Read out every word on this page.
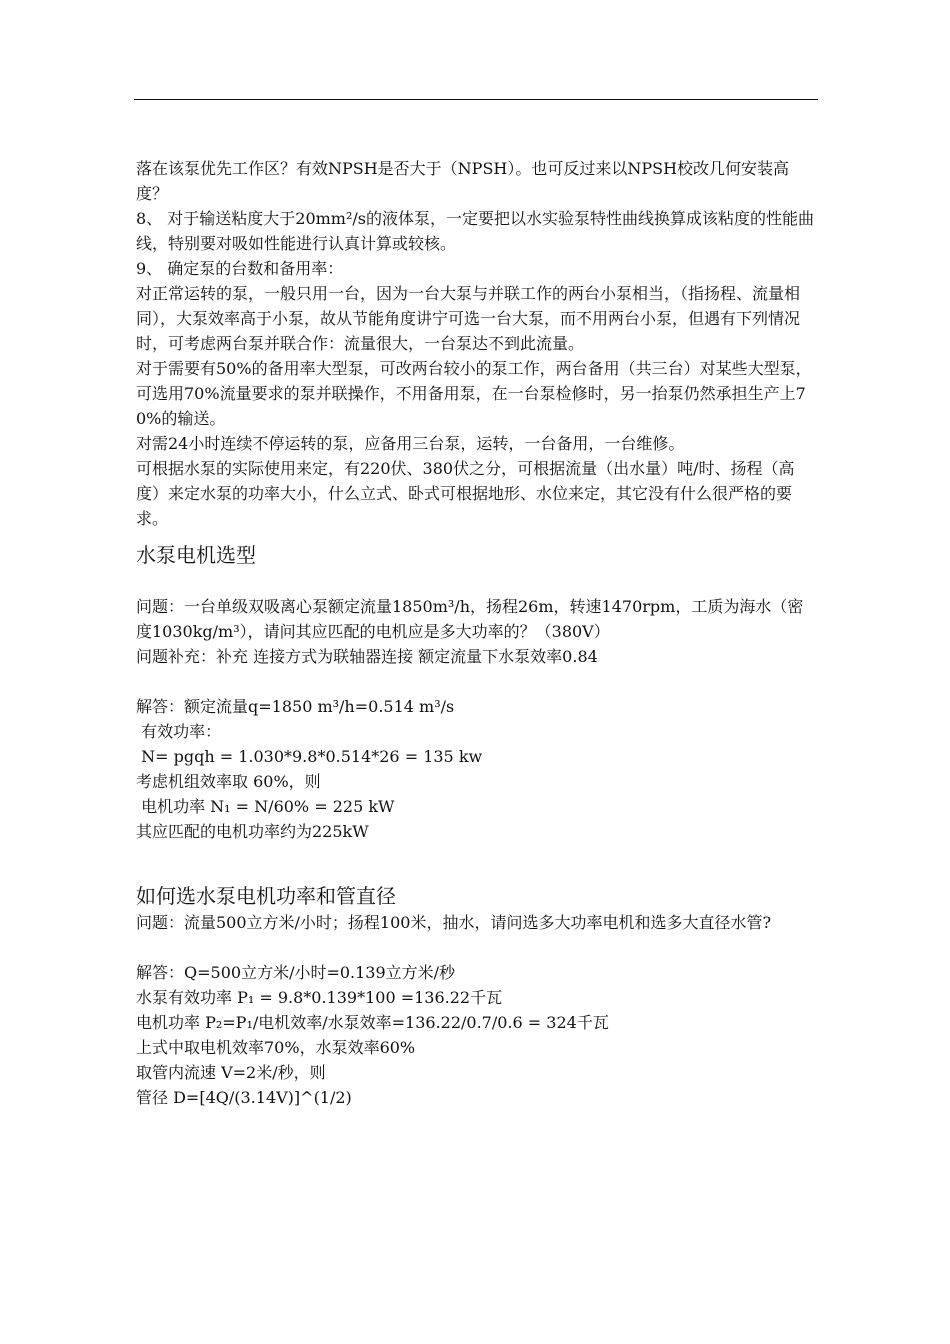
落在该泵优先工作区？有效NPSH是否大于（NPSH）。也可反过来以NPSH校改几何安装高度？

8、 对于输送粘度大于20mm²/s的液体泵，一定要把以水实验泵特性曲线换算成该粘度的性能曲线，特别要对吸如性能进行认真计算或较核。

9、 确定泵的台数和备用率：

对正常运转的泵，一般只用一台，因为一台大泵与并联工作的两台小泵相当，（指扬程、流量相同），大泵效率高于小泵，故从节能角度讲宁可选一台大泵，而不用两台小泵，但遇有下列情况时，可考虑两台泵并联合作：流量很大，一台泵达不到此流量。

对于需要有50%的备用率大型泵，可改两台较小的泵工作，两台备用（共三台）对某些大型泵，可选用70%流量要求的泵并联操作，不用备用泵，在一台泵检修时，另一抬泵仍然承担生产上70%的输送。

对需24小时连续不停运转的泵，应备用三台泵，运转，一台备用，一台维修。

可根据水泵的实际使用来定，有220伏、380伏之分，可根据流量（出水量）吨/时、扬程（高度）来定水泵的功率大小，什么立式、卧式可根据地形、水位来定，其它没有什么很严格的要求。

水泵电机选型

问题：一台单级双吸离心泵额定流量1850m³/h，扬程26m，转速1470rpm，工质为海水（密度1030kg/m³），请问其应匹配的电机应是多大功率的？（380V）

问题补充：补充 连接方式为联轴器连接 额定流量下水泵效率0.84

解答：额定流量q=1850 m³/h=0.514 m³/s

有效功率：

N= pgqh = 1.030*9.8*0.514*26 = 135 kw

考虑机组效率取 60%，则

电机功率 N₁ = N/60% = 225 kW

其应匹配的电机功率约为225kW

如何选水泵电机功率和管直径

问题：流量500立方米/小时；扬程100米，抽水，请问选多大功率电机和选多大直径水管?

解答：Q=500立方米/小时=0.139立方米/秒

水泵有效功率 P₁ = 9.8*0.139*100 =136.22千瓦

电机功率 P₂=P₁/电机效率/水泵效率=136.22/0.7/0.6 = 324千瓦

上式中取电机效率70%，水泵效率60%

取管内流速 V=2米/秒，则

管径 D=[4Q/(3.14V)]^(1/2)
